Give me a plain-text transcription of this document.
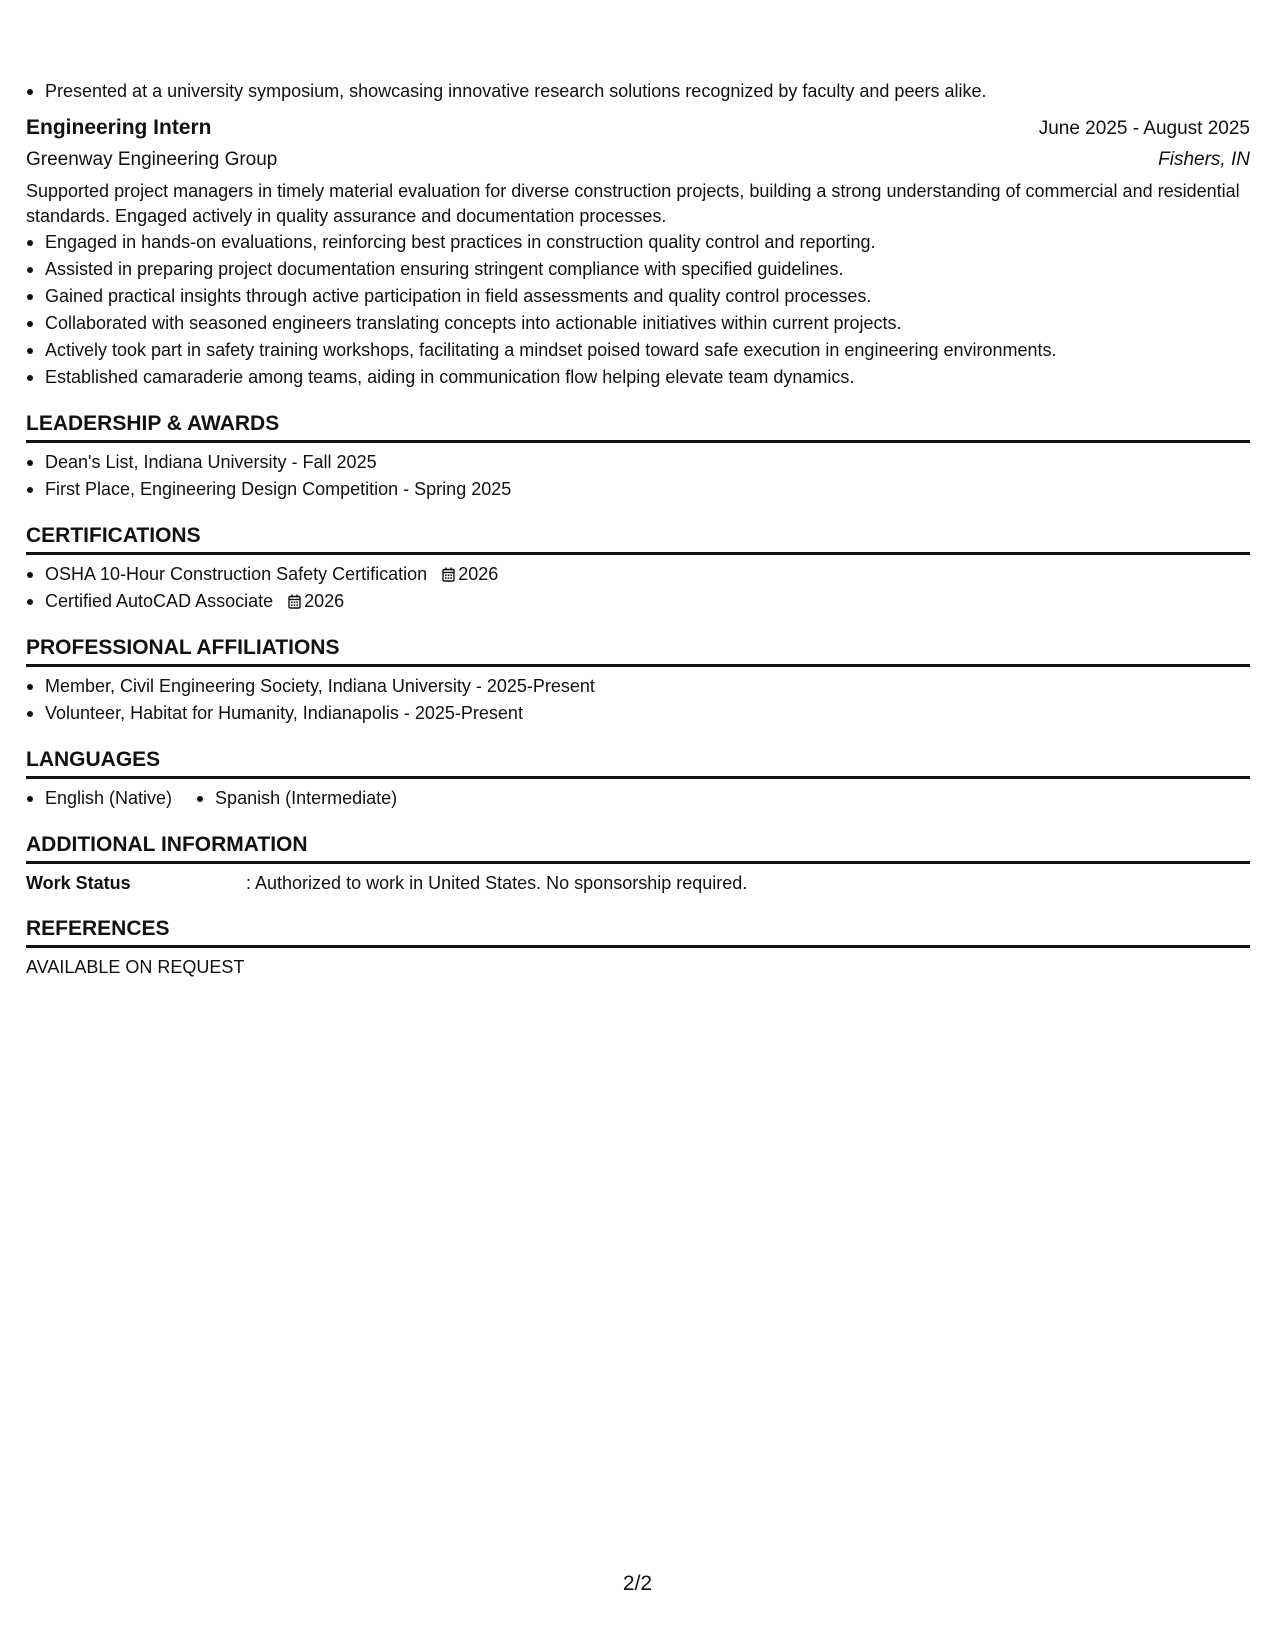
Presented at a university symposium, showcasing innovative research solutions recognized by faculty and peers alike.
Engineering Intern	June 2025 - August 2025
Greenway Engineering Group	Fishers, IN
Supported project managers in timely material evaluation for diverse construction projects, building a strong understanding of commercial and residential standards. Engaged actively in quality assurance and documentation processes.
Engaged in hands-on evaluations, reinforcing best practices in construction quality control and reporting.
Assisted in preparing project documentation ensuring stringent compliance with specified guidelines.
Gained practical insights through active participation in field assessments and quality control processes.
Collaborated with seasoned engineers translating concepts into actionable initiatives within current projects.
Actively took part in safety training workshops, facilitating a mindset poised toward safe execution in engineering environments.
Established camaraderie among teams, aiding in communication flow helping elevate team dynamics.
LEADERSHIP & AWARDS
Dean's List, Indiana University - Fall 2025
First Place, Engineering Design Competition - Spring 2025
CERTIFICATIONS
OSHA 10-Hour Construction Safety Certification 2026
Certified AutoCAD Associate 2026
PROFESSIONAL AFFILIATIONS
Member, Civil Engineering Society, Indiana University - 2025-Present
Volunteer, Habitat for Humanity, Indianapolis - 2025-Present
LANGUAGES
English (Native)	Spanish (Intermediate)
ADDITIONAL INFORMATION
Work Status	: Authorized to work in United States. No sponsorship required.
REFERENCES
AVAILABLE ON REQUEST
2/2
